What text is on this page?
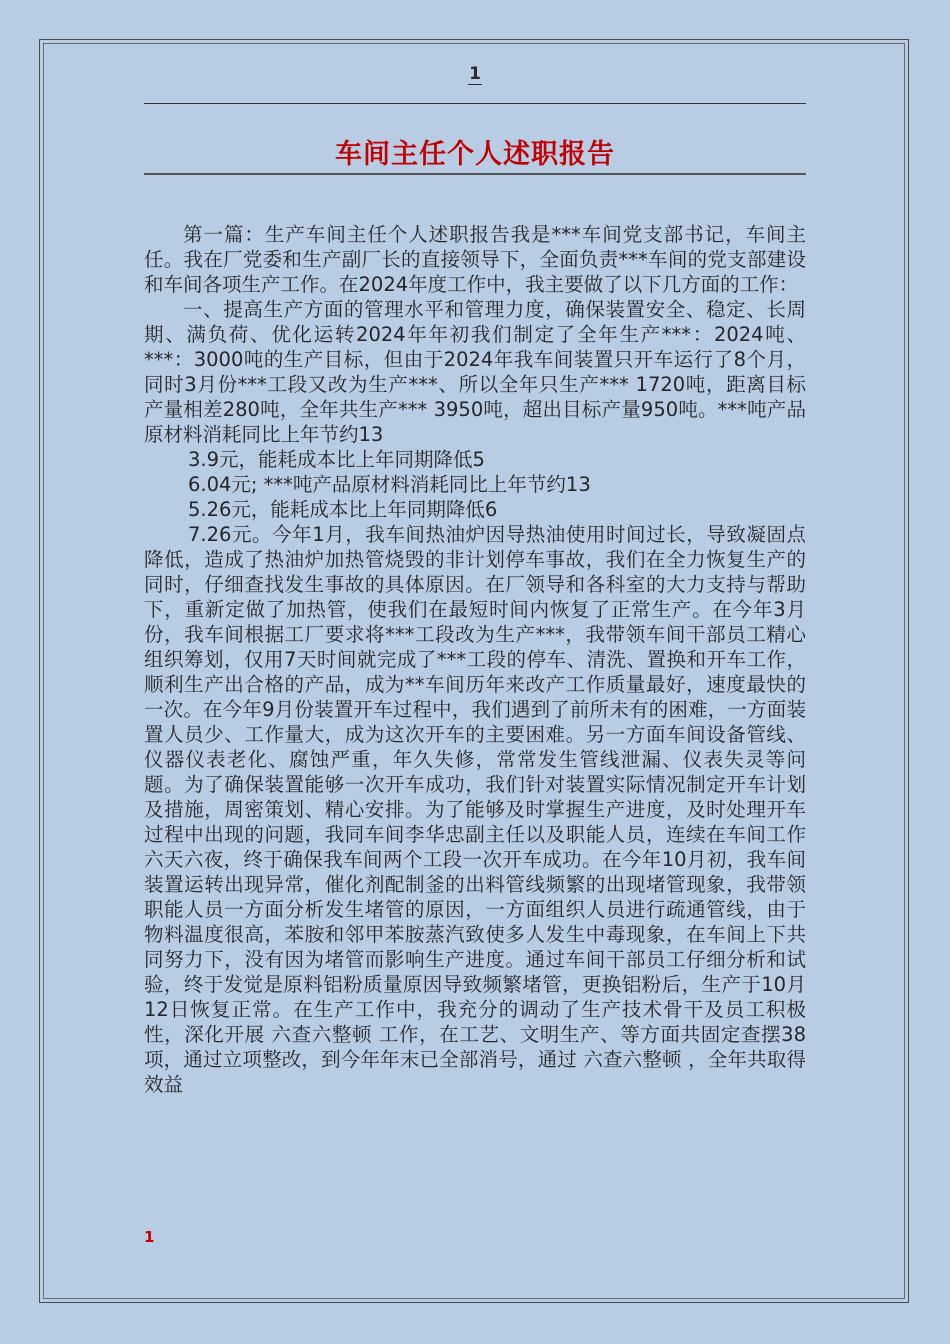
1
车间主任个人述职报告

第一篇：生产车间主任个人述职报告我是***车间党支部书记，车间主任。我在厂党委和生产副厂长的直接领导下，全面负责***车间的党支部建设和车间各项生产工作。在2024年度工作中，我主要做了以下几方面的工作：

一、提高生产方面的管理水平和管理力度，确保装置安全、稳定、长周期、满负荷、优化运转2024年年初我们制定了全年生产***：2024吨、***：3000吨的生产目标，但由于2024年我车间装置只开车运行了8个月，同时3月份***工段又改为生产***、所以全年只生产*** 1720吨，距离目标产量相差280吨，全年共生产*** 3950吨，超出目标产量950吨。***吨产品原材料消耗同比上年节约13

3.9元，能耗成本比上年同期降低5

6.04元; ***吨产品原材料消耗同比上年节约13

5.26元，能耗成本比上年同期降低6

7.26元。今年1月，我车间热油炉因导热油使用时间过长，导致凝固点降低，造成了热油炉加热管烧毁的非计划停车事故，我们在全力恢复生产的同时，仔细查找发生事故的具体原因。在厂领导和各科室的大力支持与帮助下，重新定做了加热管，使我们在最短时间内恢复了正常生产。在今年3月份，我车间根据工厂要求将***工段改为生产***，我带领车间干部员工精心组织筹划，仅用7天时间就完成了***工段的停车、清洗、置换和开车工作，顺利生产出合格的产品，成为**车间历年来改产工作质量最好，速度最快的一次。在今年9月份装置开车过程中，我们遇到了前所未有的困难，一方面装置人员少、工作量大，成为这次开车的主要困难。另一方面车间设备管线、仪器仪表老化、腐蚀严重，年久失修，常常发生管线泄漏、仪表失灵等问题。为了确保装置能够一次开车成功，我们针对装置实际情况制定开车计划及措施，周密策划、精心安排。为了能够及时掌握生产进度，及时处理开车过程中出现的问题，我同车间李华忠副主任以及职能人员，连续在车间工作六天六夜，终于确保我车间两个工段一次开车成功。在今年10月初，我车间装置运转出现异常，催化剂配制釜的出料管线频繁的出现堵管现象，我带领职能人员一方面分析发生堵管的原因，一方面组织人员进行疏通管线，由于物料温度很高，苯胺和邻甲苯胺蒸汽致使多人发生中毒现象，在车间上下共同努力下，没有因为堵管而影响生产进度。通过车间干部员工仔细分析和试验，终于发觉是原料铝粉质量原因导致频繁堵管，更换铝粉后，生产于10月12日恢复正常。在生产工作中，我充分的调动了生产技术骨干及员工积极性，深化开展 六查六整顿 工作，在工艺、文明生产、等方面共固定查摆38项，通过立项整改，到今年年末已全部消号，通过 六查六整顿 ，全年共取得效益

1
